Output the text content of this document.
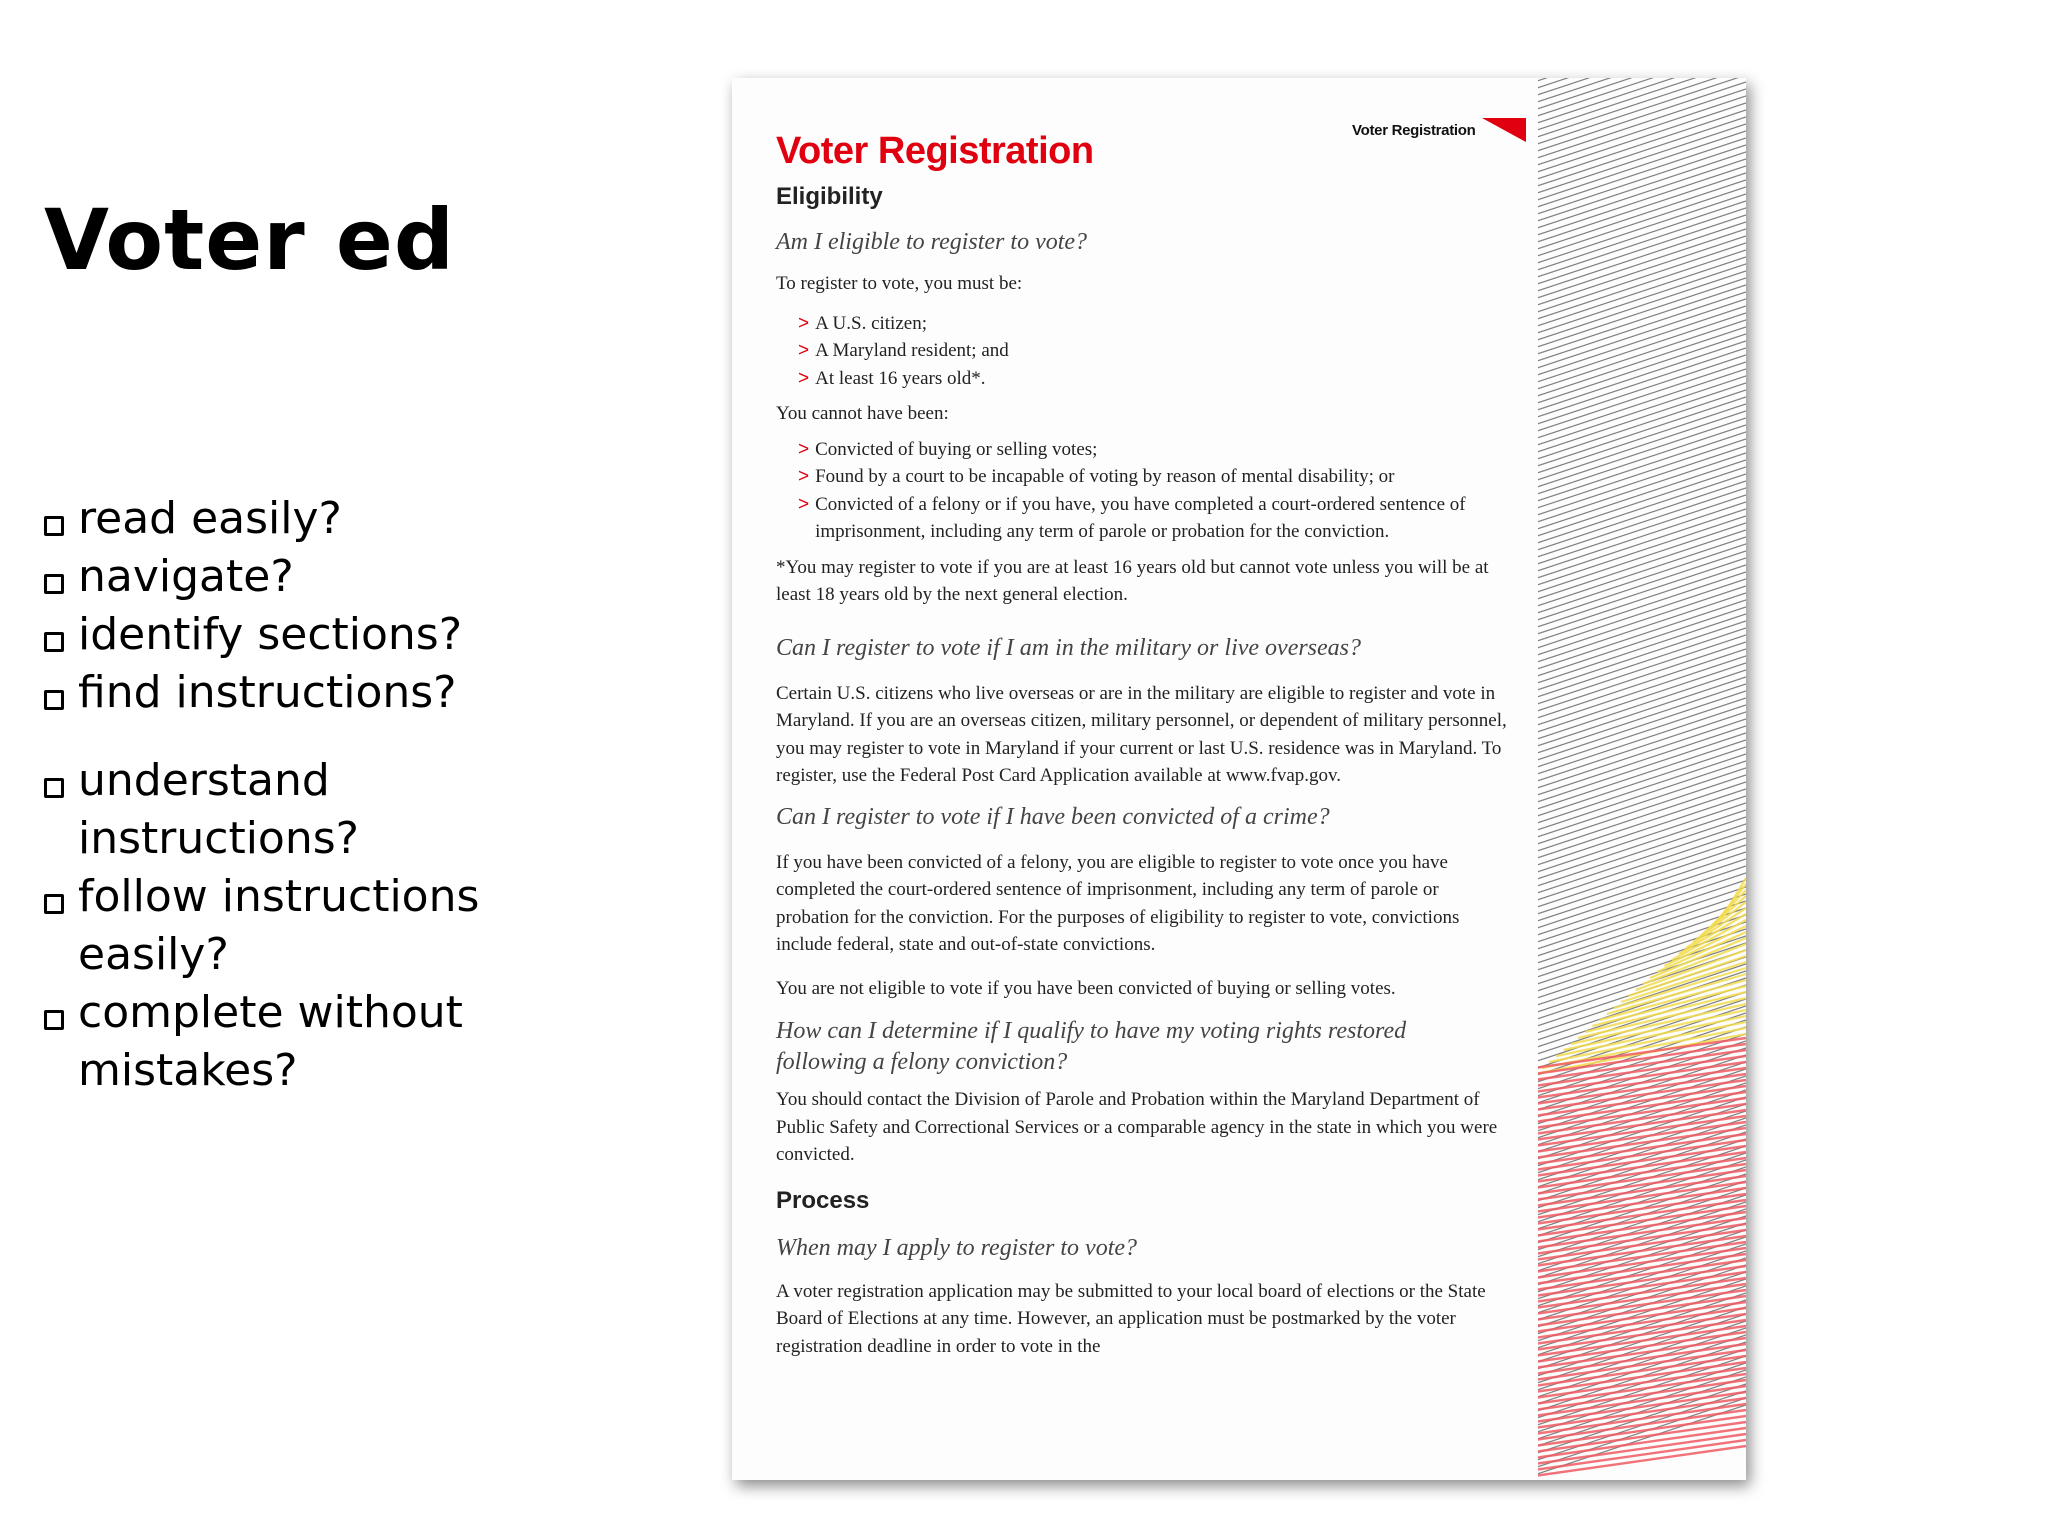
Voter ed
read easily?
navigate?
identify sections?
find instructions?
understand
instructions?
follow instructions
easily?
complete without
mistakes?
Voter Registration
Voter Registration
Eligibility

Am I eligible to register to vote?

To register to vote, you must be:

> A U.S. citizen;
> A Maryland resident; and
> At least 16 years old*.

You cannot have been:

> Convicted of buying or selling votes;
> Found by a court to be incapable of voting by reason of mental disability; or
> Convicted of a felony or if you have, you have completed a court-ordered sentence of imprisonment, including any term of parole or probation for the conviction.

*You may register to vote if you are at least 16 years old but cannot vote unless you will be at least 18 years old by the next general election.

Can I register to vote if I am in the military or live overseas?

Certain U.S. citizens who live overseas or are in the military are eligible to register and vote in Maryland. If you are an overseas citizen, military personnel, or dependent of military personnel, you may register to vote in Maryland if your current or last U.S. residence was in Maryland. To register, use the Federal Post Card Application available at www.fvap.gov.

Can I register to vote if I have been convicted of a crime?

If you have been convicted of a felony, you are eligible to register to vote once you have completed the court-ordered sentence of imprisonment, including any term of parole or probation for the conviction. For the purposes of eligibility to register to vote, convictions include federal, state and out-of-state convictions.

You are not eligible to vote if you have been convicted of buying or selling votes.

How can I determine if I qualify to have my voting rights restored following a felony conviction?

You should contact the Division of Parole and Probation within the Maryland Department of Public Safety and Correctional Services or a comparable agency in the state in which you were convicted.

Process

When may I apply to register to vote?

A voter registration application may be submitted to your local board of elections or the State Board of Elections at any time. However, an application must be postmarked by the voter registration deadline in order to vote in the
